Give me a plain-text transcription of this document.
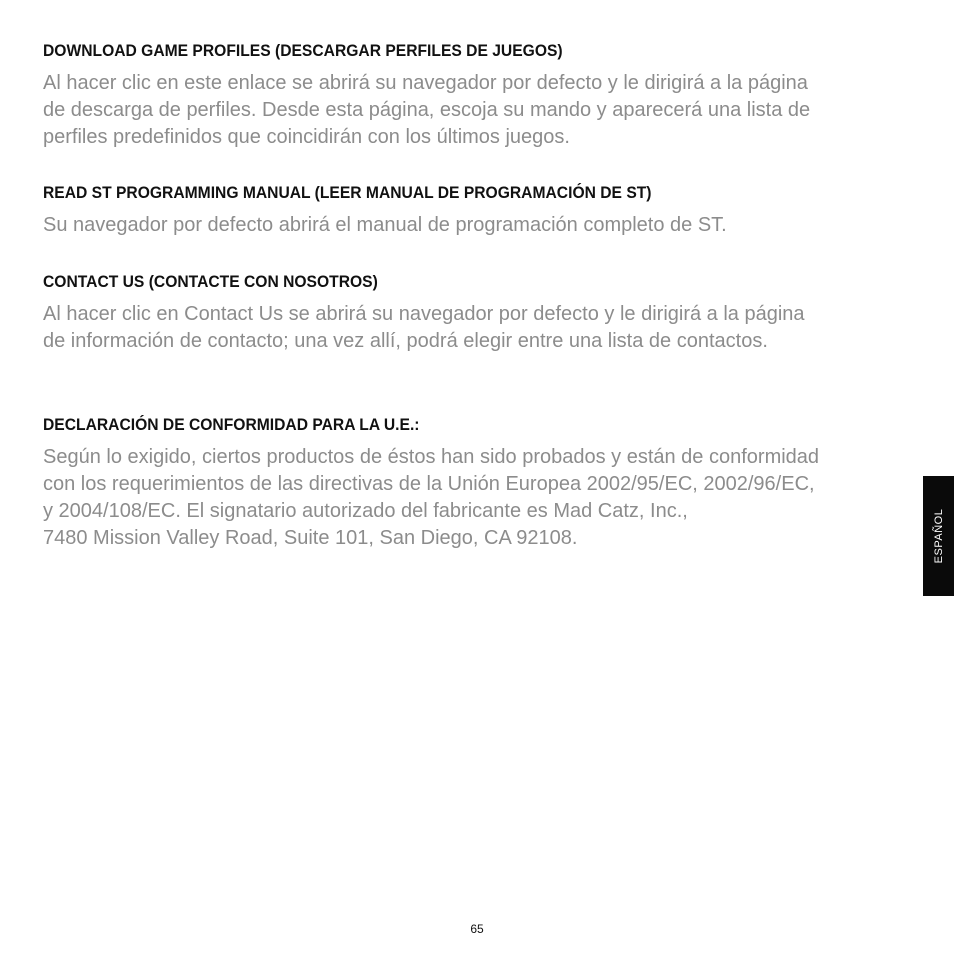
DOWNLOAD GAME PROFILES (DESCARGAR PERFILES DE JUEGOS)

Al hacer clic en este enlace se abrirá su navegador por defecto y le dirigirá a la página
de descarga de perfiles. Desde esta página, escoja su mando y aparecerá una lista de
perfiles predefinidos que coincidirán con los últimos juegos.

READ ST PROGRAMMING MANUAL (LEER MANUAL DE PROGRAMACIÓN DE ST)

Su navegador por defecto abrirá el manual de programación completo de ST.

CONTACT US (CONTACTE CON NOSOTROS)

Al hacer clic en Contact Us se abrirá su navegador por defecto y le dirigirá a la página
de información de contacto; una vez allí, podrá elegir entre una lista de contactos.

DECLARACIÓN DE CONFORMIDAD PARA LA U.E.:

Según lo exigido, ciertos productos de éstos han sido probados y están de conformidad
con los requerimientos de las directivas de la Unión Europea 2002/95/EC, 2002/96/EC,
y 2004/108/EC. El signatario autorizado del fabricante es Mad Catz, Inc.,
7480 Mission Valley Road, Suite 101, San Diego, CA 92108.	ESPAÑOL
65
